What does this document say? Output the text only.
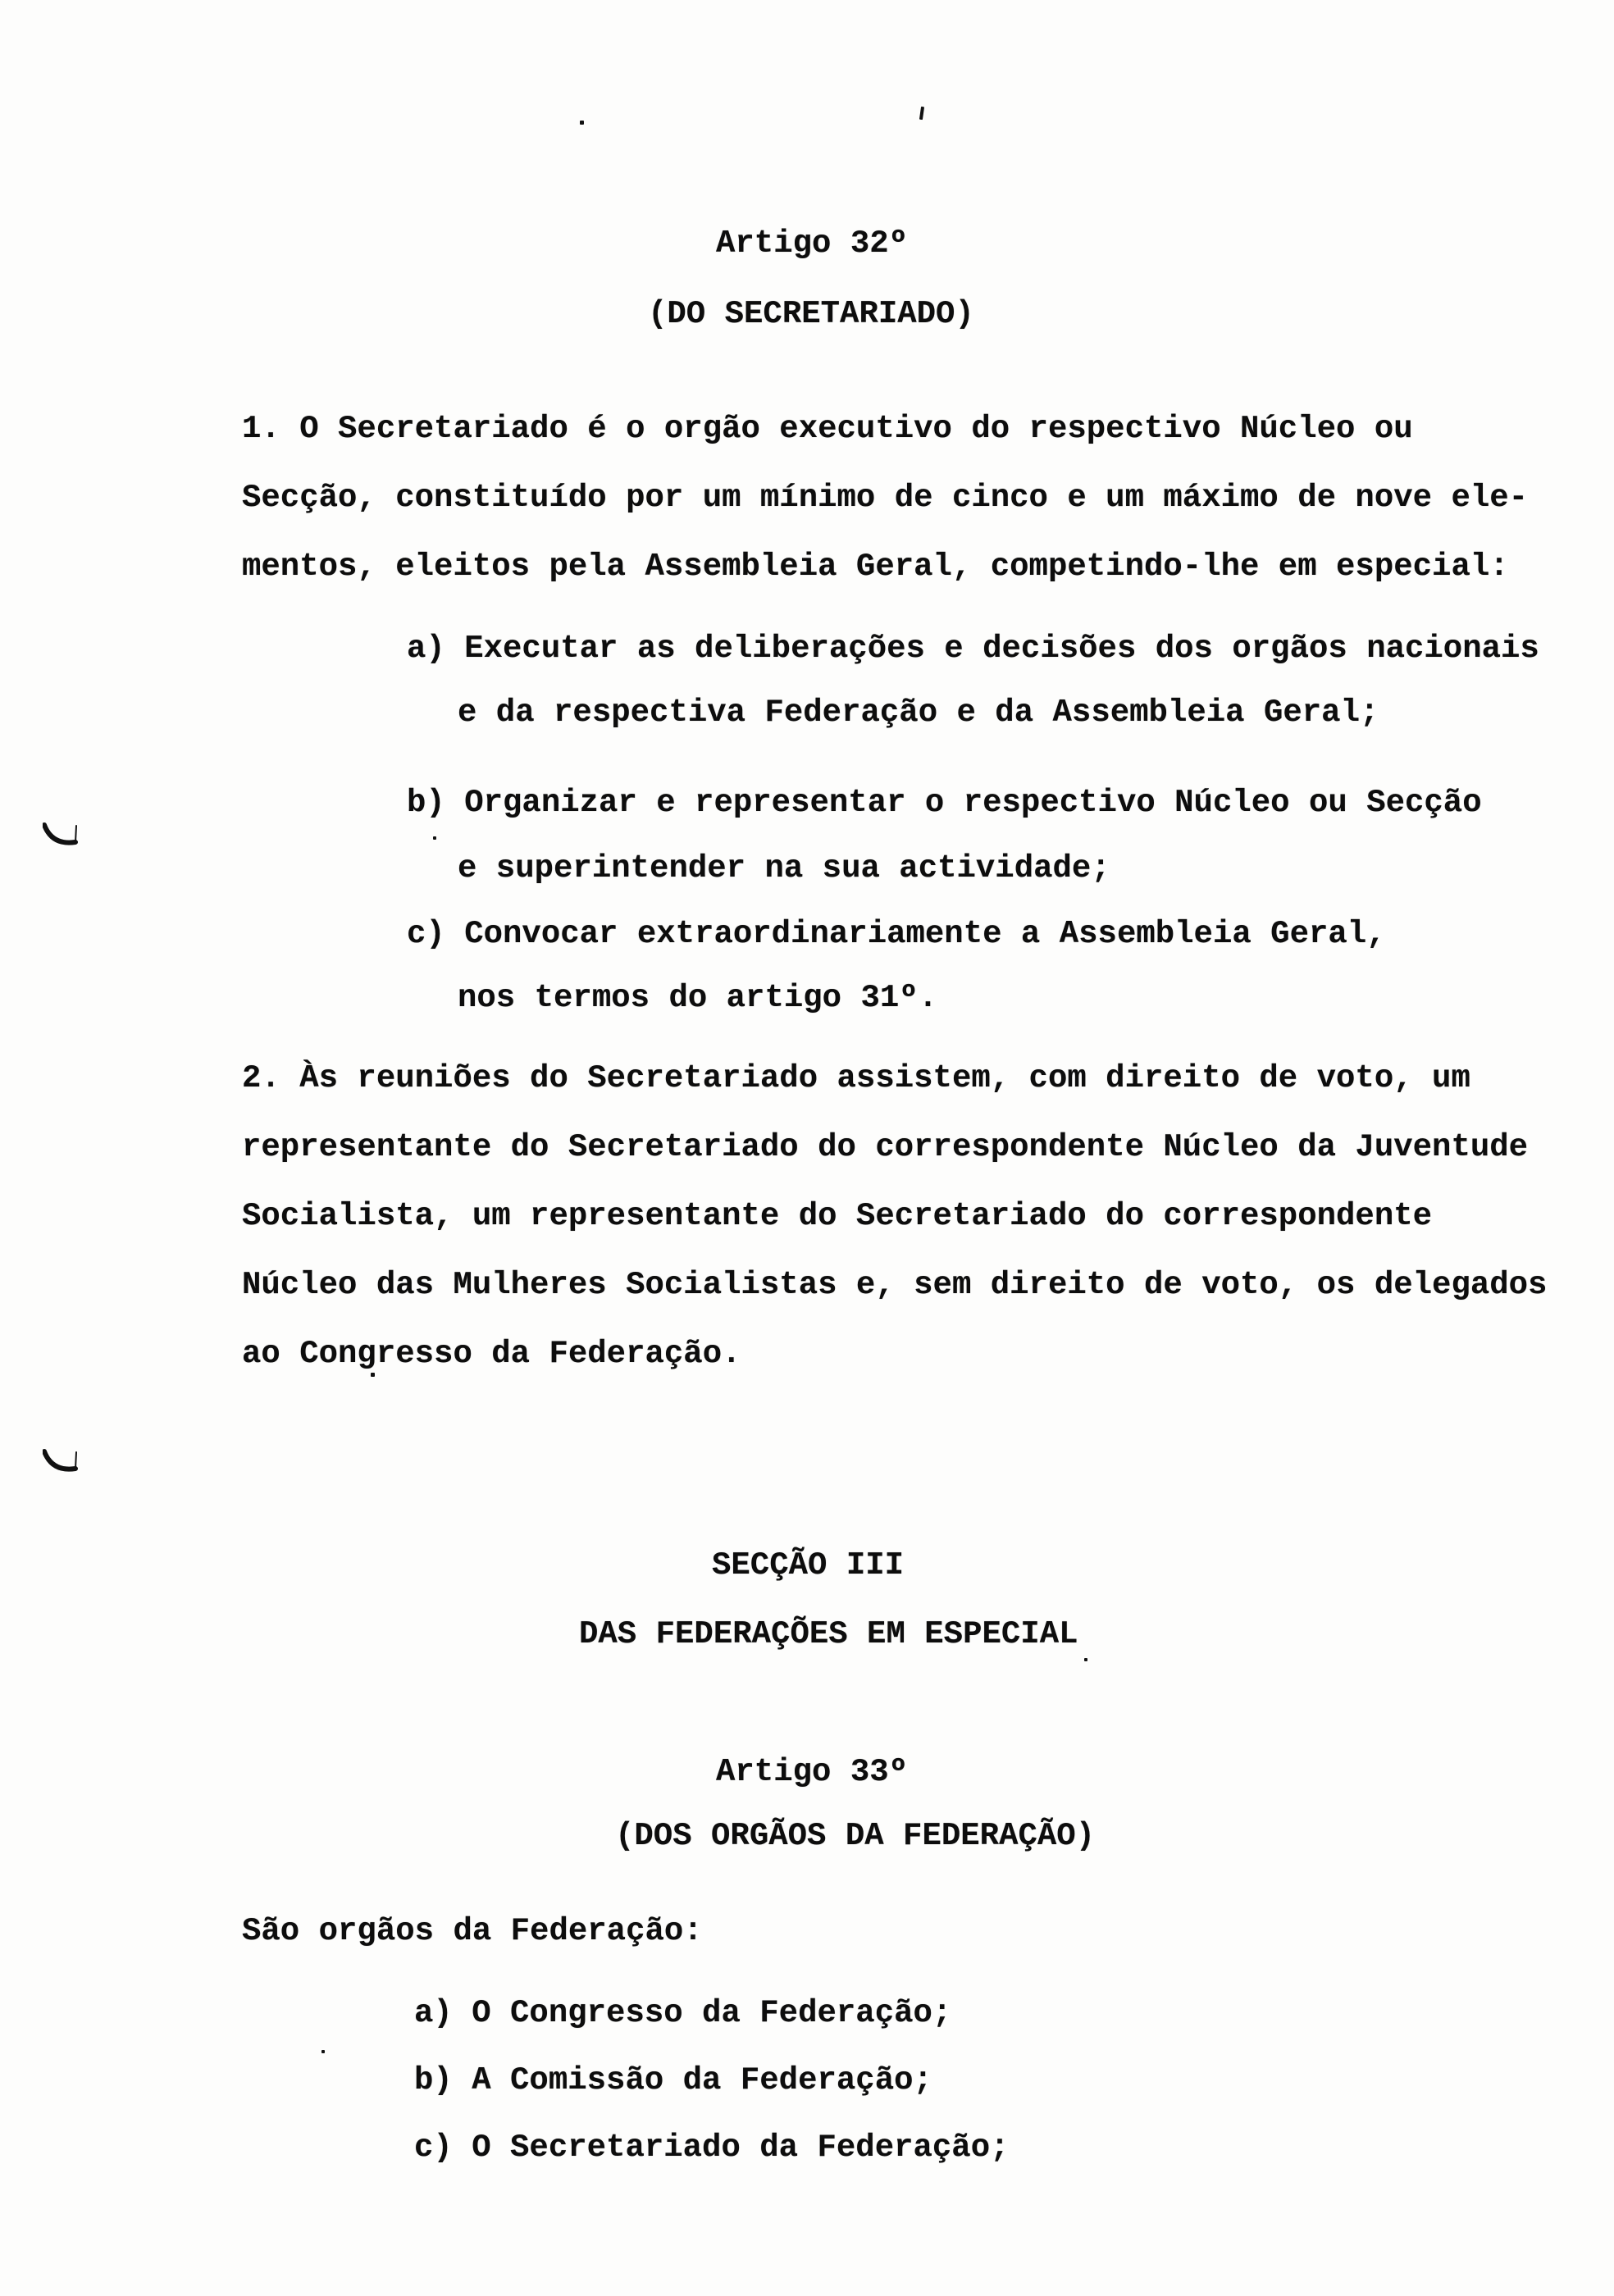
Artigo 32º
(DO SECRETARIADO)
1. O Secretariado é o orgão executivo do respectivo Núcleo ou
Secção, constituído por um mínimo de cinco e um máximo de nove ele-
mentos, eleitos pela Assembleia Geral, competindo-lhe em especial:
a) Executar as deliberações e decisões dos orgãos nacionais
e da respectiva Federação e da Assembleia Geral;
b) Organizar e representar o respectivo Núcleo ou Secção
e superintender na sua actividade;
c) Convocar extraordinariamente a Assembleia Geral,
nos termos do artigo 31º.
2. Às reuniões do Secretariado assistem, com direito de voto, um
representante do Secretariado do correspondente Núcleo da Juventude
Socialista, um representante do Secretariado do correspondente
Núcleo das Mulheres Socialistas e, sem direito de voto, os delegados
ao Congresso da Federação.
SECÇÃO III
DAS FEDERAÇÕES EM ESPECIAL
Artigo 33º
(DOS ORGÃOS DA FEDERAÇÃO)
São orgãos da Federação:
a) O Congresso da Federação;
b) A Comissão da Federação;
c) O Secretariado da Federação;
